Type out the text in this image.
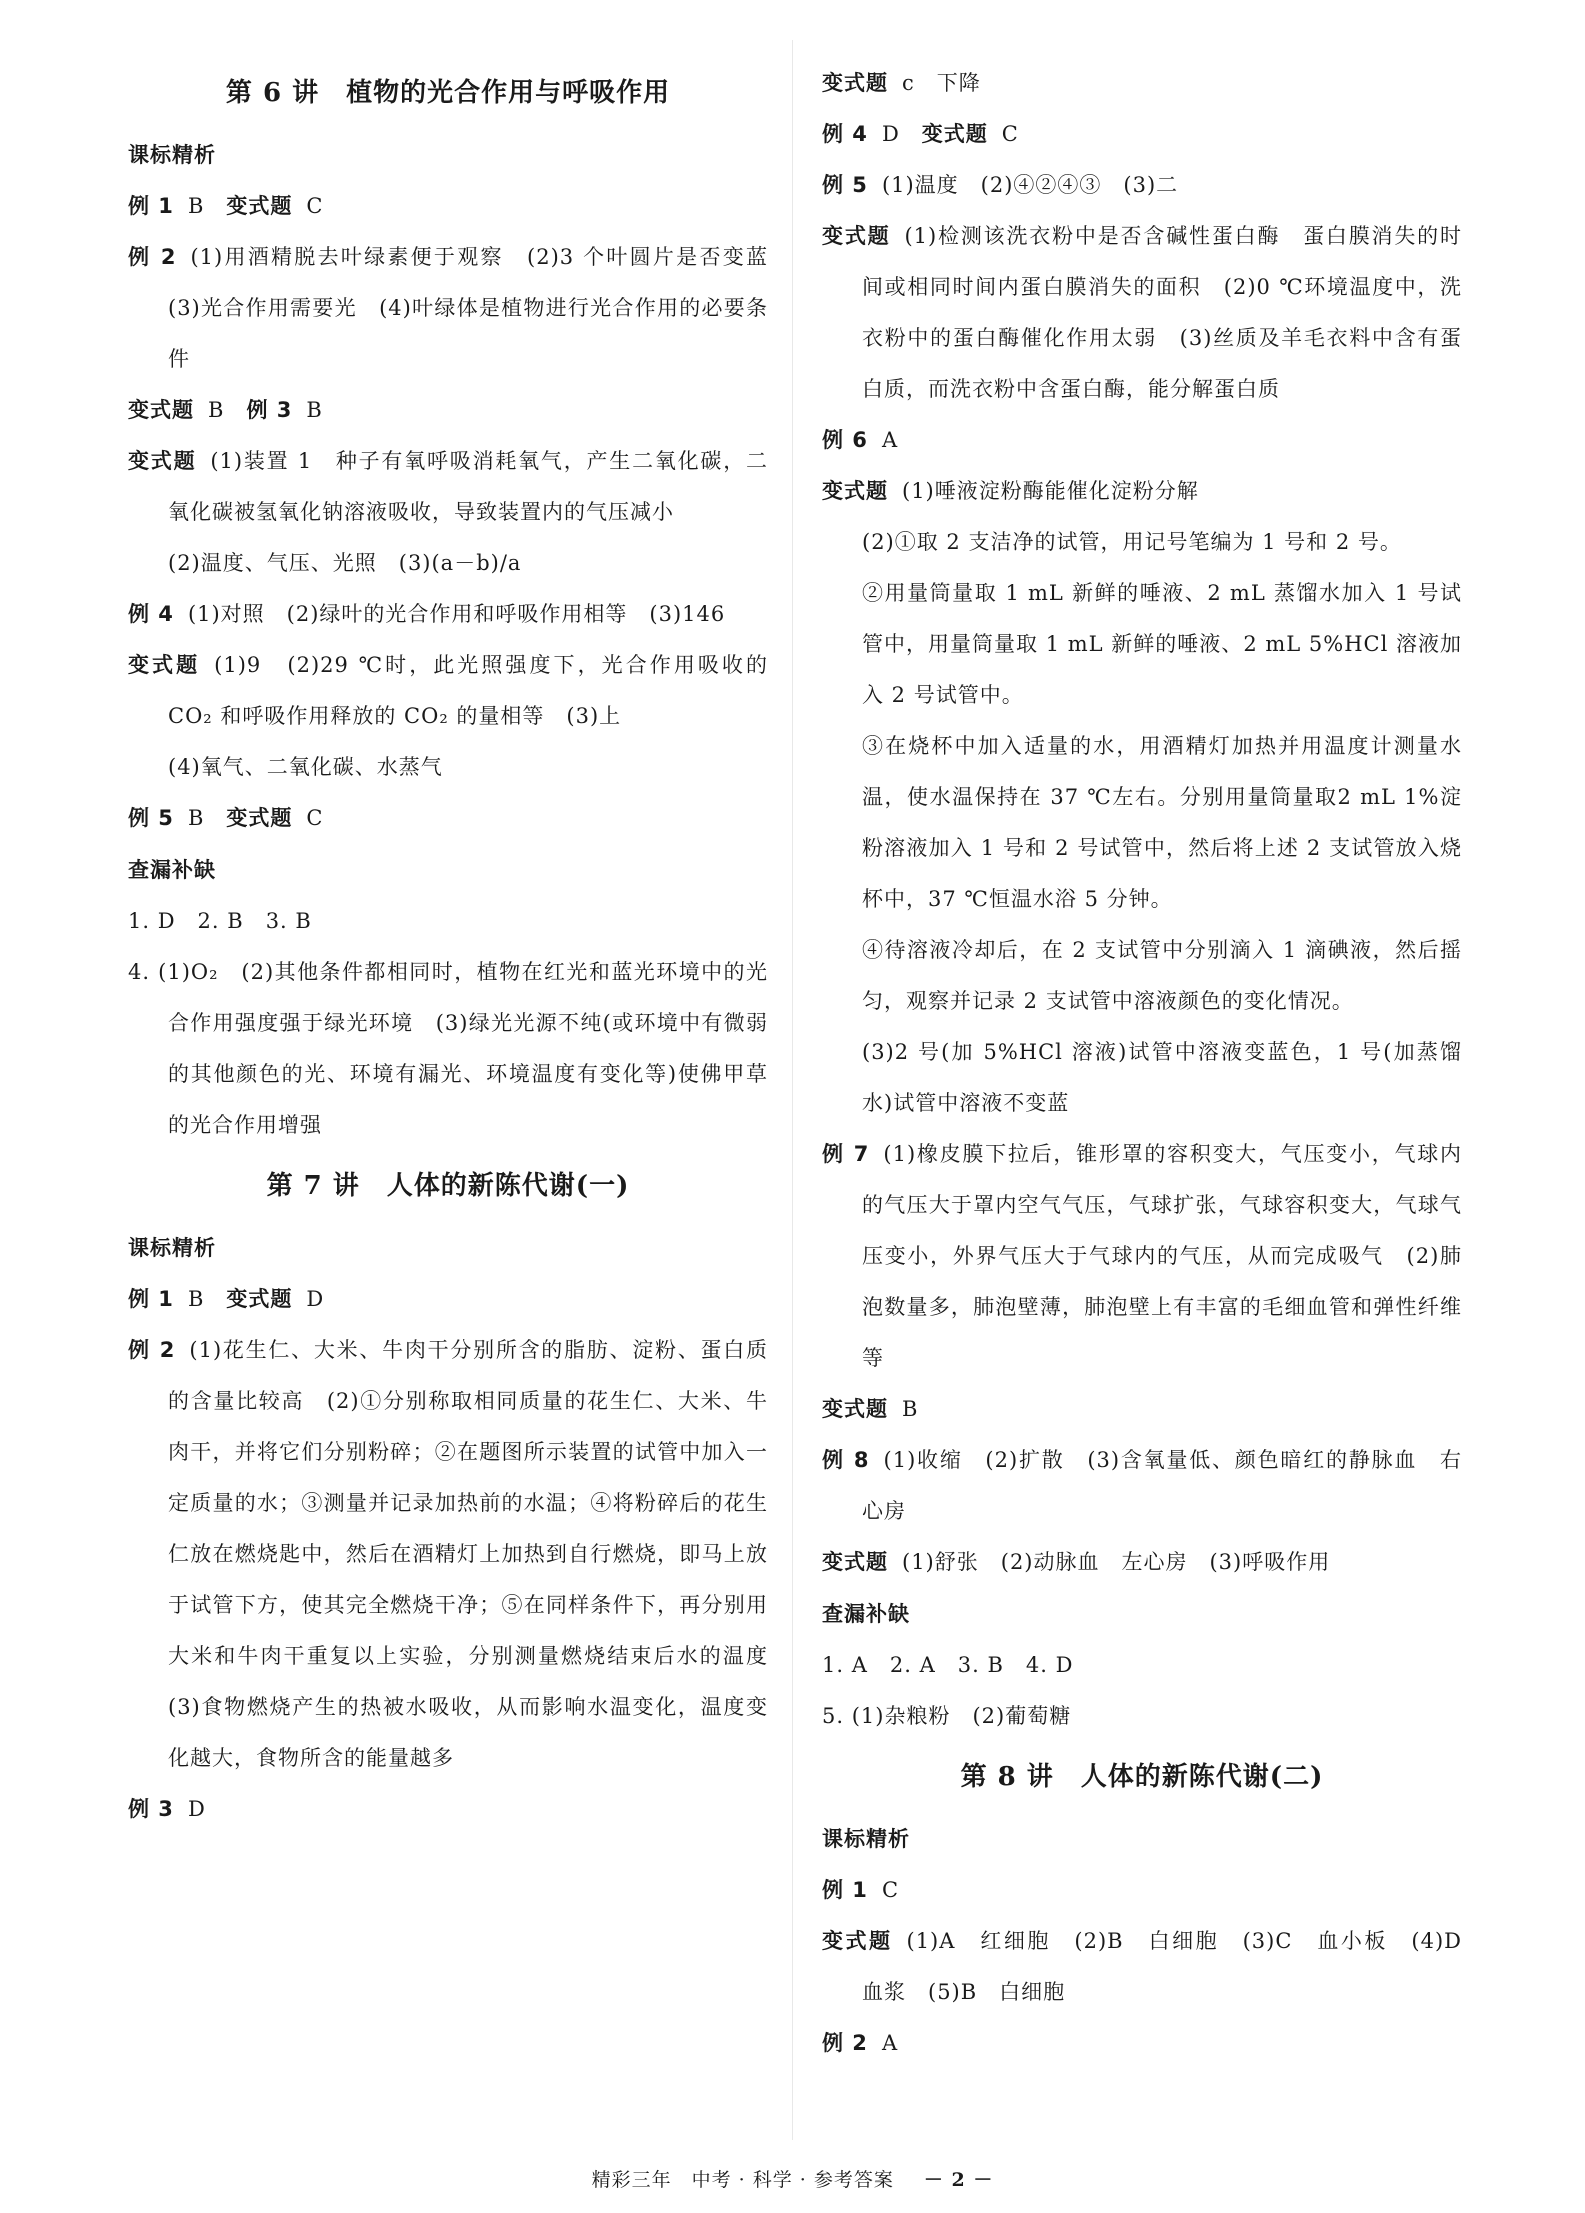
第 6 讲　植物的光合作用与呼吸作用
课标精析

例 1 B　 变式题 C

例 2 (1)用酒精脱去叶绿素便于观察　(2)3 个叶圆片是否变蓝　(3)光合作用需要光　(4)叶绿体是植物进行光合作用的必要条件

变式题 B　 例 3 B

变式题 (1)装置 1　种子有氧呼吸消耗氧气，产生二氧化碳，二氧化碳被氢氧化钠溶液吸收，导致装置内的气压减小

(2)温度、气压、光照　(3)(a－b)/a

例 4 (1)对照　(2)绿叶的光合作用和呼吸作用相等　(3)146

变式题 (1)9　(2)29 ℃时，此光照强度下，光合作用吸收的 CO₂ 和呼吸作用释放的 CO₂ 的量相等　(3)上

(4)氧气、二氧化碳、水蒸气

例 5 B　 变式题 C

查漏补缺

1. D　2. B　3. B

4. (1)O₂　(2)其他条件都相同时，植物在红光和蓝光环境中的光合作用强度强于绿光环境　(3)绿光光源不纯(或环境中有微弱的其他颜色的光、环境有漏光、环境温度有变化等)使佛甲草的光合作用增强

第 7 讲　人体的新陈代谢(一)
课标精析

例 1 B　 变式题 D

例 2 (1)花生仁、大米、牛肉干分别所含的脂肪、淀粉、蛋白质的含量比较高　(2)①分别称取相同质量的花生仁、大米、牛肉干，并将它们分别粉碎；②在题图所示装置的试管中加入一定质量的水；③测量并记录加热前的水温；④将粉碎后的花生仁放在燃烧匙中，然后在酒精灯上加热到自行燃烧，即马上放于试管下方，使其完全燃烧干净；⑤在同样条件下，再分别用大米和牛肉干重复以上实验，分别测量燃烧结束后水的温度　(3)食物燃烧产生的热被水吸收，从而影响水温变化，温度变化越大，食物所含的能量越多

例 3 D

变式题 c　下降

例 4 D　 变式题 C

例 5 (1)温度　(2)④②④③　(3)二

变式题 (1)检测该洗衣粉中是否含碱性蛋白酶　蛋白膜消失的时间或相同时间内蛋白膜消失的面积　(2)0 ℃环境温度中，洗衣粉中的蛋白酶催化作用太弱　(3)丝质及羊毛衣料中含有蛋白质，而洗衣粉中含蛋白酶，能分解蛋白质

例 6 A

变式题 (1)唾液淀粉酶能催化淀粉分解

(2)①取 2 支洁净的试管，用记号笔编为 1 号和 2 号。

②用量筒量取 1 mL 新鲜的唾液、2 mL 蒸馏水加入 1 号试管中，用量筒量取 1 mL 新鲜的唾液、2 mL 5%HCl 溶液加入 2 号试管中。

③在烧杯中加入适量的水，用酒精灯加热并用温度计测量水温，使水温保持在 37 ℃左右。分别用量筒量取2 mL 1%淀粉溶液加入 1 号和 2 号试管中，然后将上述 2 支试管放入烧杯中，37 ℃恒温水浴 5 分钟。

④待溶液冷却后，在 2 支试管中分别滴入 1 滴碘液，然后摇匀，观察并记录 2 支试管中溶液颜色的变化情况。

(3)2 号(加 5%HCl 溶液)试管中溶液变蓝色，1 号(加蒸馏水)试管中溶液不变蓝

例 7 (1)橡皮膜下拉后，锥形罩的容积变大，气压变小，气球内的气压大于罩内空气气压，气球扩张，气球容积变大，气球气压变小，外界气压大于气球内的气压，从而完成吸气　(2)肺泡数量多，肺泡壁薄，肺泡壁上有丰富的毛细血管和弹性纤维等

变式题 B

例 8 (1)收缩　(2)扩散　(3)含氧量低、颜色暗红的静脉血　右心房

变式题 (1)舒张　(2)动脉血　左心房　(3)呼吸作用

查漏补缺

1. A　2. A　3. B　4. D

5. (1)杂粮粉　(2)葡萄糖

第 8 讲　人体的新陈代谢(二)
课标精析

例 1 C

变式题 (1)A　红细胞　(2)B　白细胞　(3)C　血小板　(4)D　血浆　(5)B　白细胞

例 2 A

精彩三年　中考 · 科学 · 参考答案 － 2 －
